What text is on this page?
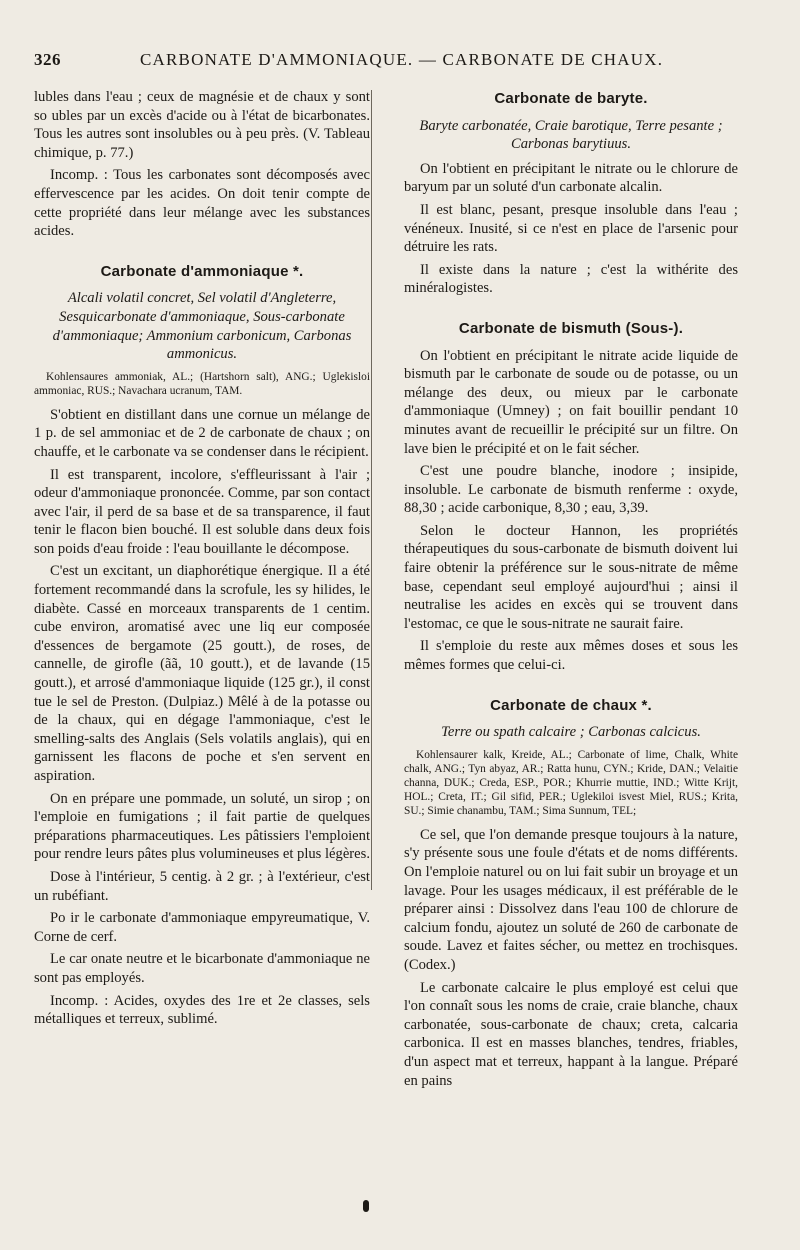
326	CARBONATE D'AMMONIAQUE. — CARBONATE DE CHAUX.

lubles dans l'eau ; ceux de magnésie et de chaux y sont so ubles par un excès d'acide ou à l'état de bicarbonates. Tous les autres sont insolubles ou à peu près. (V. Tableau chimique, p. 77.)

Incomp. : Tous les carbonates sont décomposés avec effervescence par les acides. On doit tenir compte de cette propriété dans leur mélange avec les substances acides.

Carbonate d'ammoniaque *.

Alcali volatil concret, Sel volatil d'Angleterre, Sesquicarbonate d'ammoniaque, Sous-carbonate d'ammoniaque; Ammonium carbonicum, Carbonas ammonicus.

Kohlensaures ammoniak, AL.; (Hartshorn salt), ANG.; Uglekisloi ammoniac, RUS.; Navachara ucranum, TAM.

S'obtient en distillant dans une cornue un mélange de 1 p. de sel ammoniac et de 2 de carbonate de chaux ; on chauffe, et le carbonate va se condenser dans le récipient.

Il est transparent, incolore, s'effleurissant à l'air ; odeur d'ammoniaque prononcée. Comme, par son contact avec l'air, il perd de sa base et de sa transparence, il faut tenir le flacon bien bouché. Il est soluble dans deux fois son poids d'eau froide : l'eau bouillante le décompose.

C'est un excitant, un diaphorétique énergique. Il a été fortement recommandé dans la scrofule, les sy hilides, le diabète. Cassé en morceaux transparents de 1 centim. cube environ, aromatisé avec une liq eur composée d'essences de bergamote (25 goutt.), de roses, de cannelle, de girofle (ãã, 10 goutt.), et de lavande (15 goutt.), et arrosé d'ammoniaque liquide (125 gr.), il const tue le sel de Preston. (Dulpiaz.) Mêlé à de la potasse ou de la chaux, qui en dégage l'ammoniaque, c'est le smelling-salts des Anglais (Sels volatils anglais), qui en garnissent les flacons de poche et s'en servent en aspiration.

On en prépare une pommade, un soluté, un sirop ; on l'emploie en fumigations ; il fait partie de quelques préparations pharmaceutiques. Les pâtissiers l'emploient pour rendre leurs pâtes plus volumineuses et plus légères.

Dose à l'intérieur, 5 centig. à 2 gr. ; à l'extérieur, c'est un rubéfiant.

Po ir le carbonate d'ammoniaque empyreumatique, V. Corne de cerf.

Le car onate neutre et le bicarbonate d'ammoniaque ne sont pas employés.

Incomp. : Acides, oxydes des 1re et 2e classes, sels métalliques et terreux, sublimé.

Carbonate de baryte.

Baryte carbonatée, Craie barotique, Terre pesante ; Carbonas barytiuus.

On l'obtient en précipitant le nitrate ou le chlorure de baryum par un soluté d'un carbonate alcalin.

Il est blanc, pesant, presque insoluble dans l'eau ; vénéneux. Inusité, si ce n'est en place de l'arsenic pour détruire les rats.

Il existe dans la nature ; c'est la withérite des minéralogistes.

Carbonate de bismuth (Sous-).

On l'obtient en précipitant le nitrate acide liquide de bismuth par le carbonate de soude ou de potasse, ou un mélange des deux, ou mieux par le carbonate d'ammoniaque (Umney) ; on fait bouillir pendant 10 minutes avant de recueillir le précipité sur un filtre. On lave bien le précipité et on le fait sécher.

C'est une poudre blanche, inodore ; insipide, insoluble. Le carbonate de bismuth renferme : oxyde, 88,30 ; acide carbonique, 8,30 ; eau, 3,39.

Selon le docteur Hannon, les propriétés thérapeutiques du sous-carbonate de bismuth doivent lui faire obtenir la préférence sur le sous-nitrate de même base, cependant seul employé aujourd'hui ; ainsi il neutralise les acides en excès qui se trouvent dans l'estomac, ce que le sous-nitrate ne saurait faire.

Il s'emploie du reste aux mêmes doses et sous les mêmes formes que celui-ci.

Carbonate de chaux *.

Terre ou spath calcaire ; Carbonas calcicus.

Kohlensaurer kalk, Kreide, AL.; Carbonate of lime, Chalk, White chalk, ANG.; Tyn abyaz, AR.; Ratta hunu, CYN.; Kride, DAN.; Velaitie channa, DUK.; Creda, ESP., POR.; Khurrie muttie, IND.; Witte Krijt, HOL.; Creta, IT.; Gil sifid, PER.; Uglekiloi isvest Miel, RUS.; Krita, SU.; Simie chanambu, TAM.; Sima Sunnum, TEL;

Ce sel, que l'on demande presque toujours à la nature, s'y présente sous une foule d'états et de noms différents. On l'emploie naturel ou on lui fait subir un broyage et un lavage. Pour les usages médicaux, il est préférable de le préparer ainsi : Dissolvez dans l'eau 100 de chlorure de calcium fondu, ajoutez un soluté de 260 de carbonate de soude. Lavez et faites sécher, ou mettez en trochisques. (Codex.)

Le carbonate calcaire le plus employé est celui que l'on connaît sous les noms de craie, craie blanche, chaux carbonatée, sous-carbonate de chaux; creta, calcaria carbonica. Il est en masses blanches, tendres, friables, d'un aspect mat et terreux, happant à la langue. Préparé en pains
